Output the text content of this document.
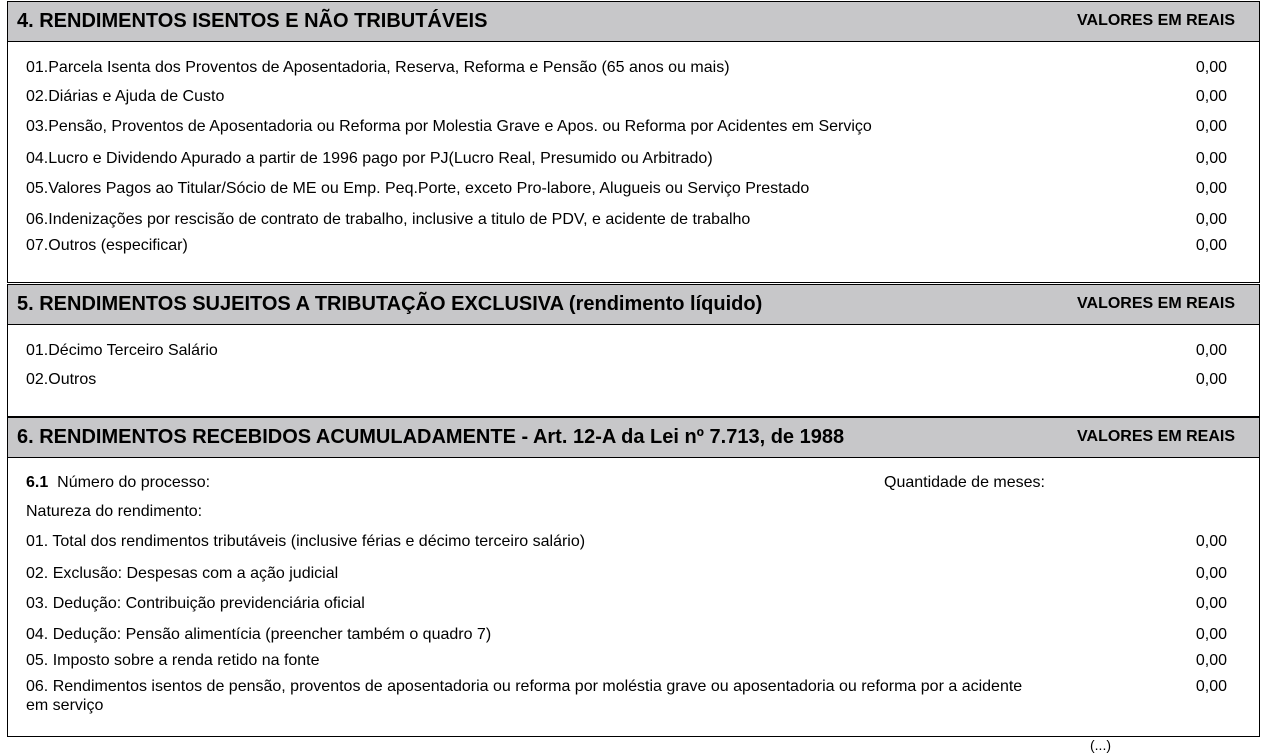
4. RENDIMENTOS ISENTOS E NÃO TRIBUTÁVEIS	VALORES EM REAIS
01.Parcela Isenta dos Proventos de Aposentadoria, Reserva, Reforma e Pensão (65 anos ou mais)	0,00
02.Diárias e Ajuda de Custo	0,00
03.Pensão, Proventos de Aposentadoria ou Reforma por Molestia Grave e Apos. ou Reforma por Acidentes em Serviço	0,00
04.Lucro e Dividendo Apurado a partir de 1996 pago por PJ(Lucro Real, Presumido ou Arbitrado)	0,00
05.Valores Pagos ao Titular/Sócio de ME ou Emp. Peq.Porte, exceto Pro-labore, Alugueis ou Serviço Prestado	0,00
06.Indenizações por rescisão de contrato de trabalho, inclusive a titulo de PDV, e acidente de trabalho	0,00
07.Outros (especificar)	0,00
5. RENDIMENTOS SUJEITOS A TRIBUTAÇÃO EXCLUSIVA (rendimento líquido)	VALORES EM REAIS
01.Décimo Terceiro Salário	0,00
02.Outros	0,00
6. RENDIMENTOS RECEBIDOS ACUMULADAMENTE - Art. 12-A da Lei nº 7.713, de 1988	VALORES EM REAIS
6.1 Número do processo:	Quantidade de meses:
Natureza do rendimento:
01. Total dos rendimentos tributáveis (inclusive férias e décimo terceiro salário)	0,00
02. Exclusão: Despesas com a ação judicial	0,00
03. Dedução: Contribuição previdenciária oficial	0,00
04. Dedução: Pensão alimentícia (preencher também o quadro 7)	0,00
05. Imposto sobre a renda retido na fonte	0,00
06. Rendimentos isentos de pensão, proventos de aposentadoria ou reforma por moléstia grave ou aposentadoria ou reforma por a acidente em serviço
0,00
(...)
